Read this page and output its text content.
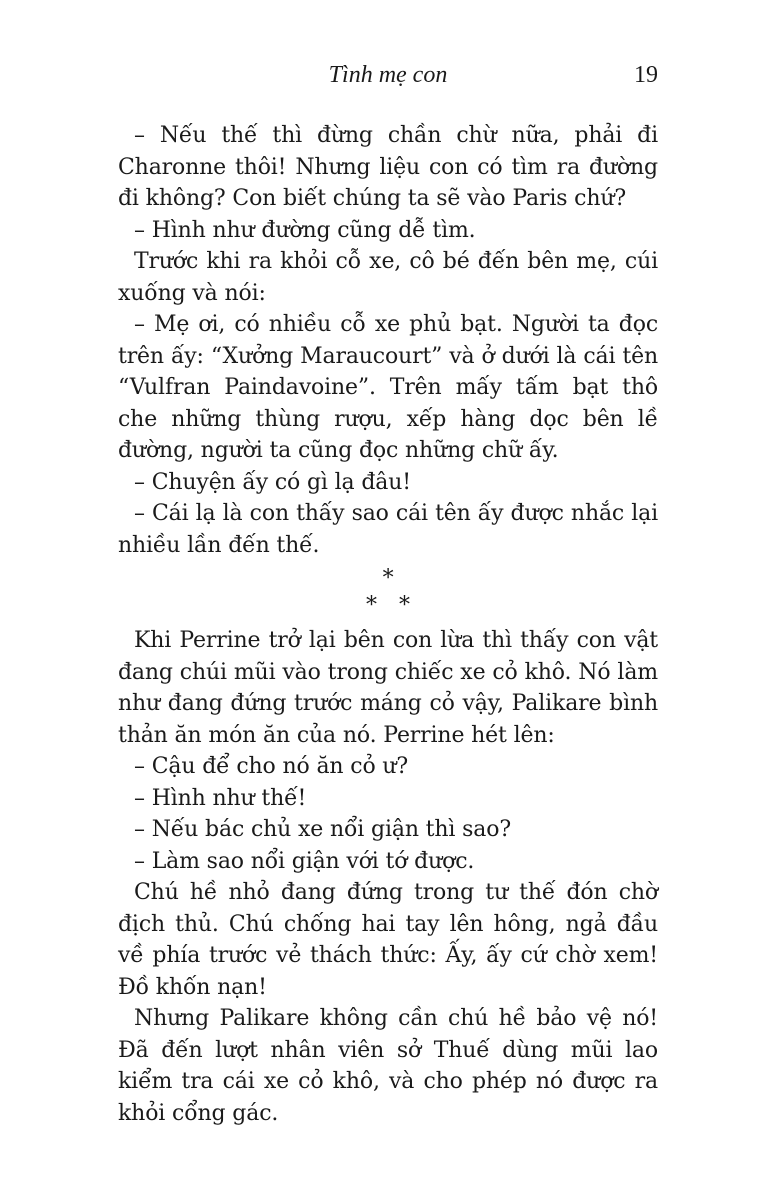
Tình mẹ con	19

– Nếu thế thì đừng chần chừ nữa, phải đi Charonne thôi! Nhưng liệu con có tìm ra đường đi không? Con biết chúng ta sẽ vào Paris chứ?

– Hình như đường cũng dễ tìm.

Trước khi ra khỏi cỗ xe, cô bé đến bên mẹ, cúi xuống và nói:

– Mẹ ơi, có nhiều cỗ xe phủ bạt. Người ta đọc trên ấy: “Xưởng Maraucourt” và ở dưới là cái tên “Vulfran Paindavoine”. Trên mấy tấm bạt thô che những thùng rượu, xếp hàng dọc bên lề đường, người ta cũng đọc những chữ ấy.

– Chuyện ấy có gì lạ đâu!

– Cái lạ là con thấy sao cái tên ấy được nhắc lại nhiều lần đến thế.

*
**

Khi Perrine trở lại bên con lừa thì thấy con vật đang chúi mũi vào trong chiếc xe cỏ khô. Nó làm như đang đứng trước máng cỏ vậy, Palikare bình thản ăn món ăn của nó. Perrine hét lên:

– Cậu để cho nó ăn cỏ ư?

– Hình như thế!

– Nếu bác chủ xe nổi giận thì sao?

– Làm sao nổi giận với tớ được.

Chú hề nhỏ đang đứng trong tư thế đón chờ địch thủ. Chú chống hai tay lên hông, ngả đầu về phía trước vẻ thách thức: Ấy, ấy cứ chờ xem! Đồ khốn nạn!

Nhưng Palikare không cần chú hề bảo vệ nó! Đã đến lượt nhân viên sở Thuế dùng mũi lao kiểm tra cái xe cỏ khô, và cho phép nó được ra khỏi cổng gác.
